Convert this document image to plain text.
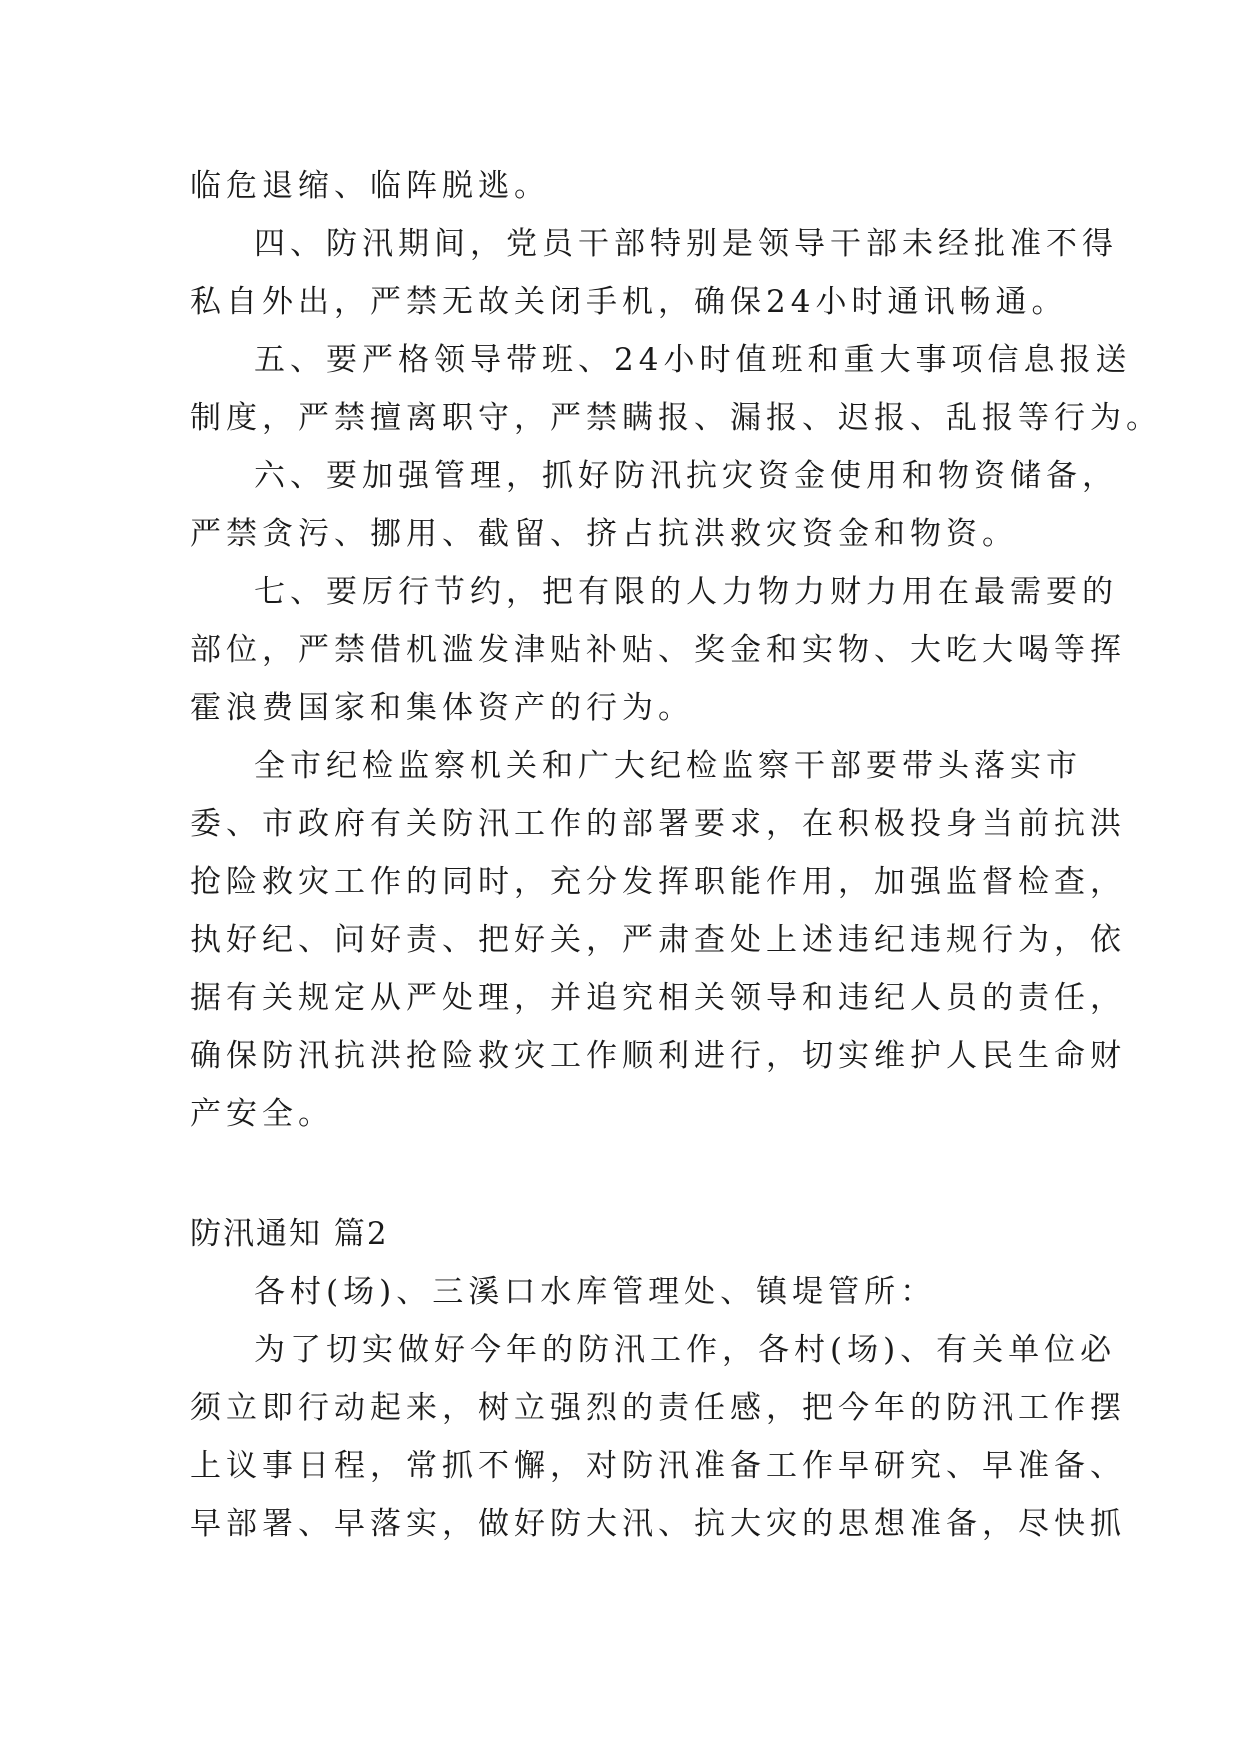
临危退缩、临阵脱逃。
四、防汛期间，党员干部特别是领导干部未经批准不得
私自外出，严禁无故关闭手机，确保24小时通讯畅通。
五、要严格领导带班、24小时值班和重大事项信息报送
制度，严禁擅离职守，严禁瞒报、漏报、迟报、乱报等行为。
六、要加强管理，抓好防汛抗灾资金使用和物资储备，
严禁贪污、挪用、截留、挤占抗洪救灾资金和物资。
七、要厉行节约，把有限的人力物力财力用在最需要的
部位，严禁借机滥发津贴补贴、奖金和实物、大吃大喝等挥
霍浪费国家和集体资产的行为。
全市纪检监察机关和广大纪检监察干部要带头落实市
委、市政府有关防汛工作的部署要求，在积极投身当前抗洪
抢险救灾工作的同时，充分发挥职能作用，加强监督检查，
执好纪、问好责、把好关，严肃查处上述违纪违规行为，依
据有关规定从严处理，并追究相关领导和违纪人员的责任，
确保防汛抗洪抢险救灾工作顺利进行，切实维护人民生命财
产安全。
防汛通知 篇2
各村(场)、三溪口水库管理处、镇堤管所：
为了切实做好今年的防汛工作，各村(场)、有关单位必
须立即行动起来，树立强烈的责任感，把今年的防汛工作摆
上议事日程，常抓不懈，对防汛准备工作早研究、早准备、
早部署、早落实，做好防大汛、抗大灾的思想准备，尽快抓
